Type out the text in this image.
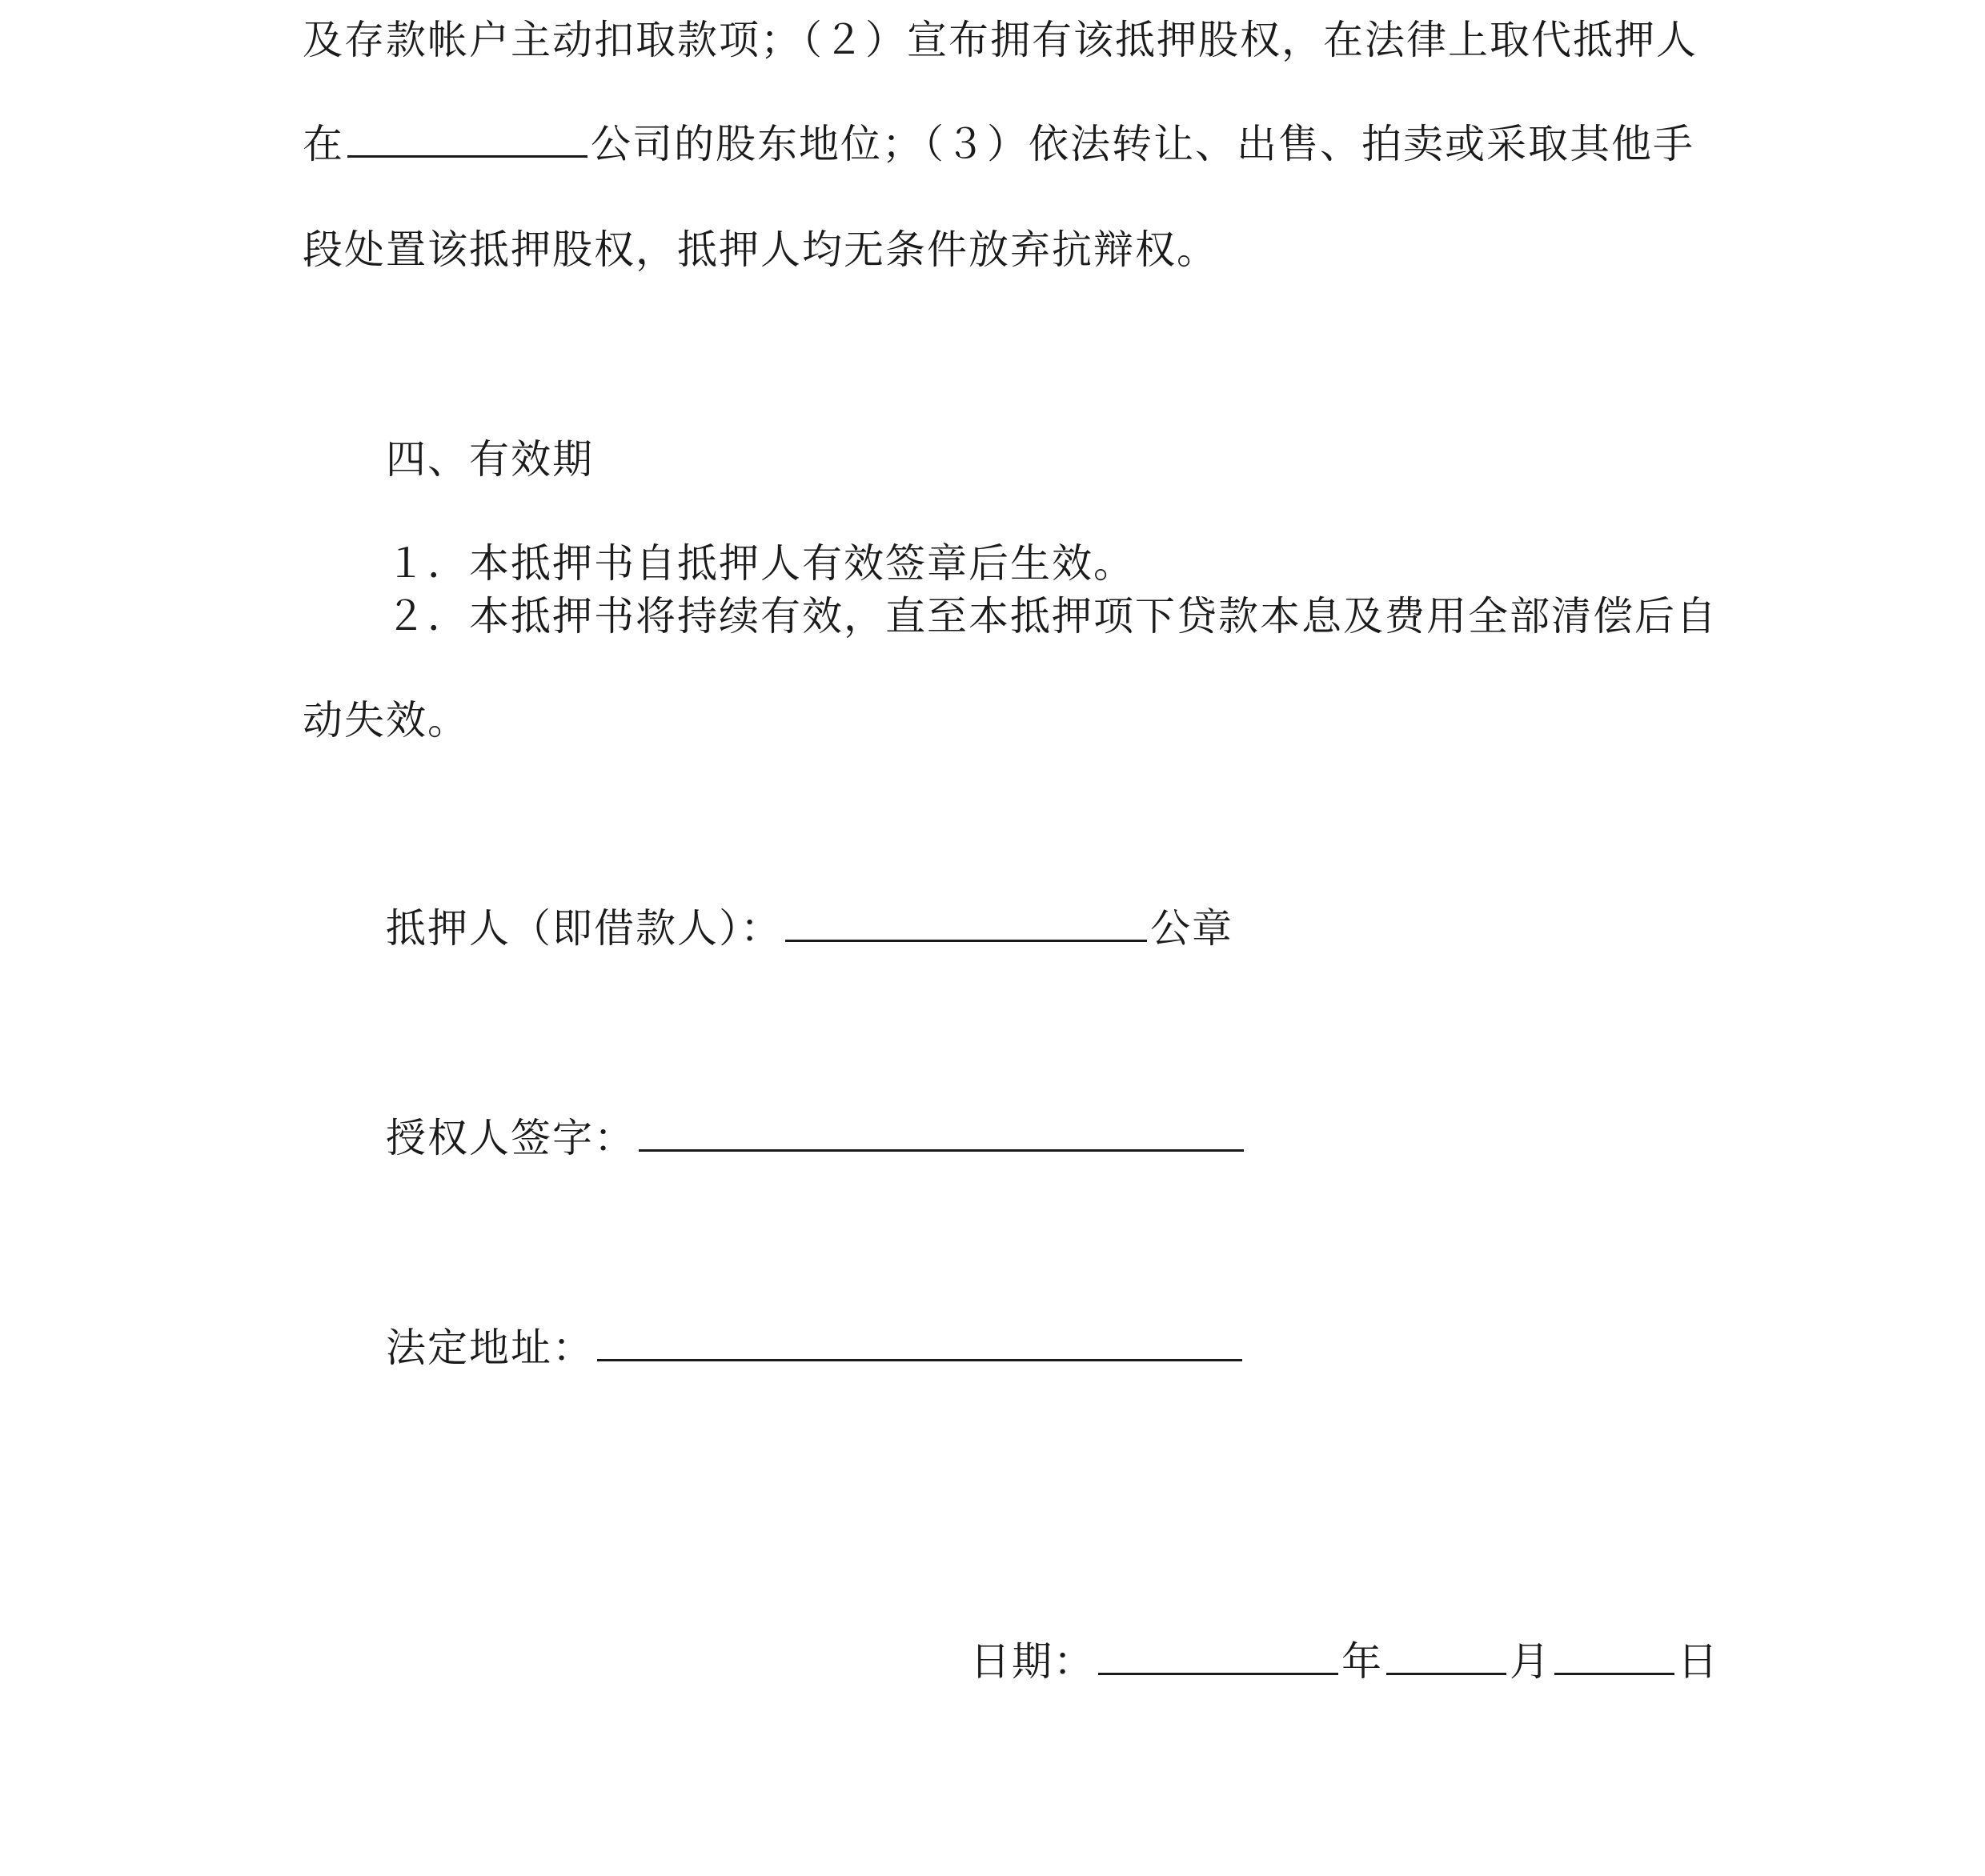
及存款帐户主动扣取款项；（２）宣布拥有该抵押股权，在法律上取代抵押人
在	公司的股东地位；（３）依法转让、出售、拍卖或采取其他手
段处置该抵押股权，抵押人均无条件放弃抗辩权。
四、有效期
１．本抵押书自抵押人有效签章后生效。
２．本抵押书将持续有效，直至本抵押项下贷款本息及费用全部清偿后自
动失效。
抵押人（即借款人）：	公章
授权人签字：
法定地址：
日期：	年	月	日
